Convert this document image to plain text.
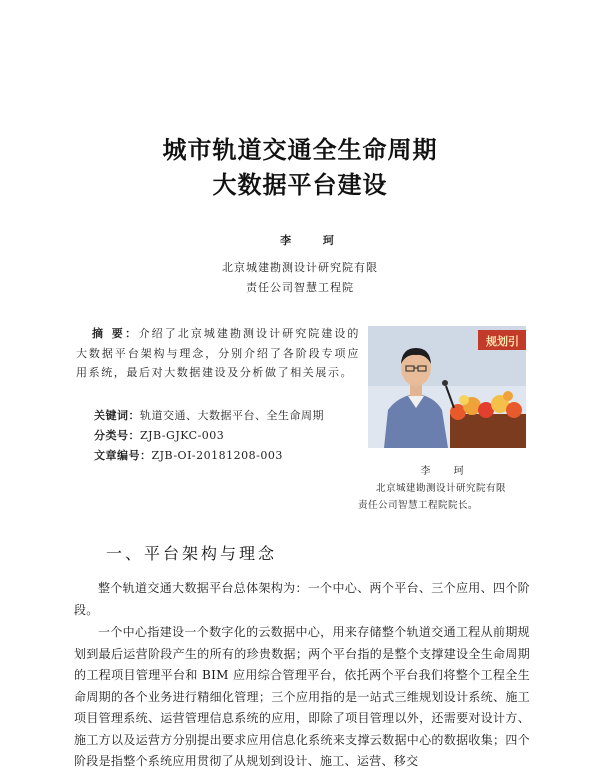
城市轨道交通全生命周期
大数据平台建设
李 珂
北京城建勘测设计研究院有限
责任公司智慧工程院
摘 要：介绍了北京城建勘测设计研究院建设的大数据平台架构与理念，分别介绍了各阶段专项应用系统，最后对大数据建设及分析做了相关展示。
关键词：轨道交通、大数据平台、全生命周期
分类号：ZJB-GJKC-003
文章编号：ZJB-OI-20181208-003
规划引
李 珂
北京城建勘测设计研究院有限
责任公司智慧工程院院长。
一、平台架构与理念
整个轨道交通大数据平台总体架构为：一个中心、两个平台、三个应用、四个阶段。
一个中心指建设一个数字化的云数据中心，用来存储整个轨道交通工程从前期规划到最后运营阶段产生的所有的珍贵数据；两个平台指的是整个支撑建设全生命周期的工程项目管理平台和 BIM 应用综合管理平台，依托两个平台我们将整个工程全生命周期的各个业务进行精细化管理；三个应用指的是一站式三维规划设计系统、施工项目管理系统、运营管理信息系统的应用，即除了项目管理以外，还需要对设计方、施工方以及运营方分别提出要求应用信息化系统来支撑云数据中心的数据收集；四个阶段是指整个系统应用贯彻了从规划到设计、施工、运营、移交
